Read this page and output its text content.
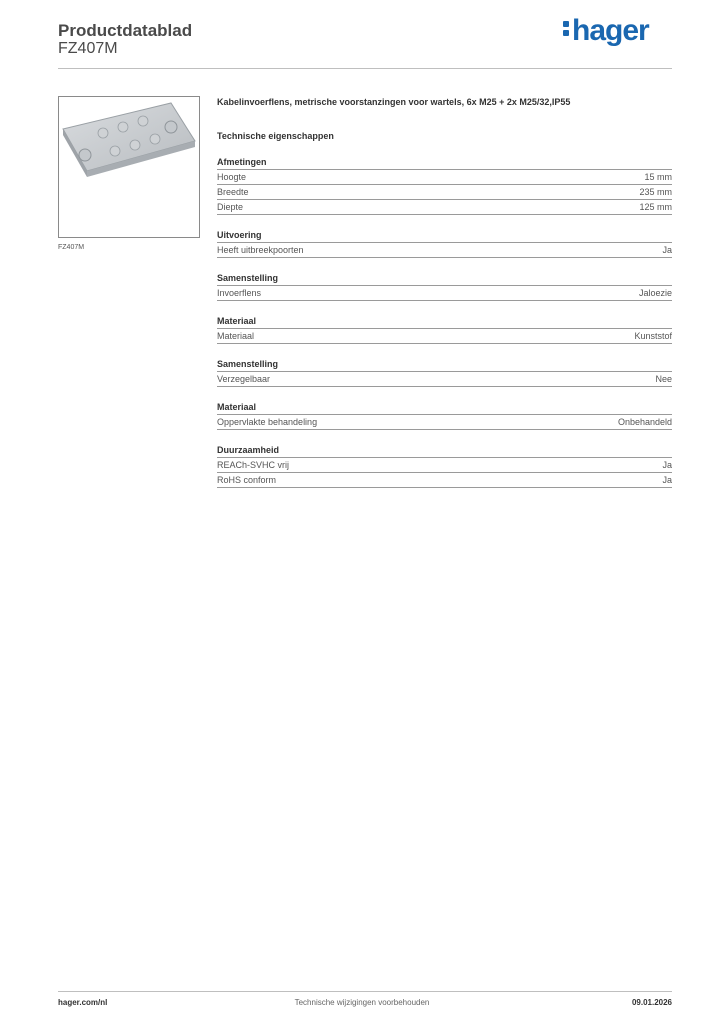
Productdatablad
FZ407M
hager
FZ407M
Kabelinvoerflens, metrische voorstanzingen voor wartels, 6x M25 + 2x M25/32,IP55
Technische eigenschappen
Afmetingen
Hoogte	15 mm
Breedte	235 mm
Diepte	125 mm
Uitvoering
Heeft uitbreekpoorten	Ja
Samenstelling
Invoerflens	Jaloezie
Materiaal
Materiaal	Kunststof
Samenstelling
Verzegelbaar	Nee
Materiaal
Oppervlakte behandeling	Onbehandeld
Duurzaamheid
REACh-SVHC vrij	Ja
RoHS conform	Ja
hager.com/nl	Technische wijzigingen voorbehouden	09.01.2026
